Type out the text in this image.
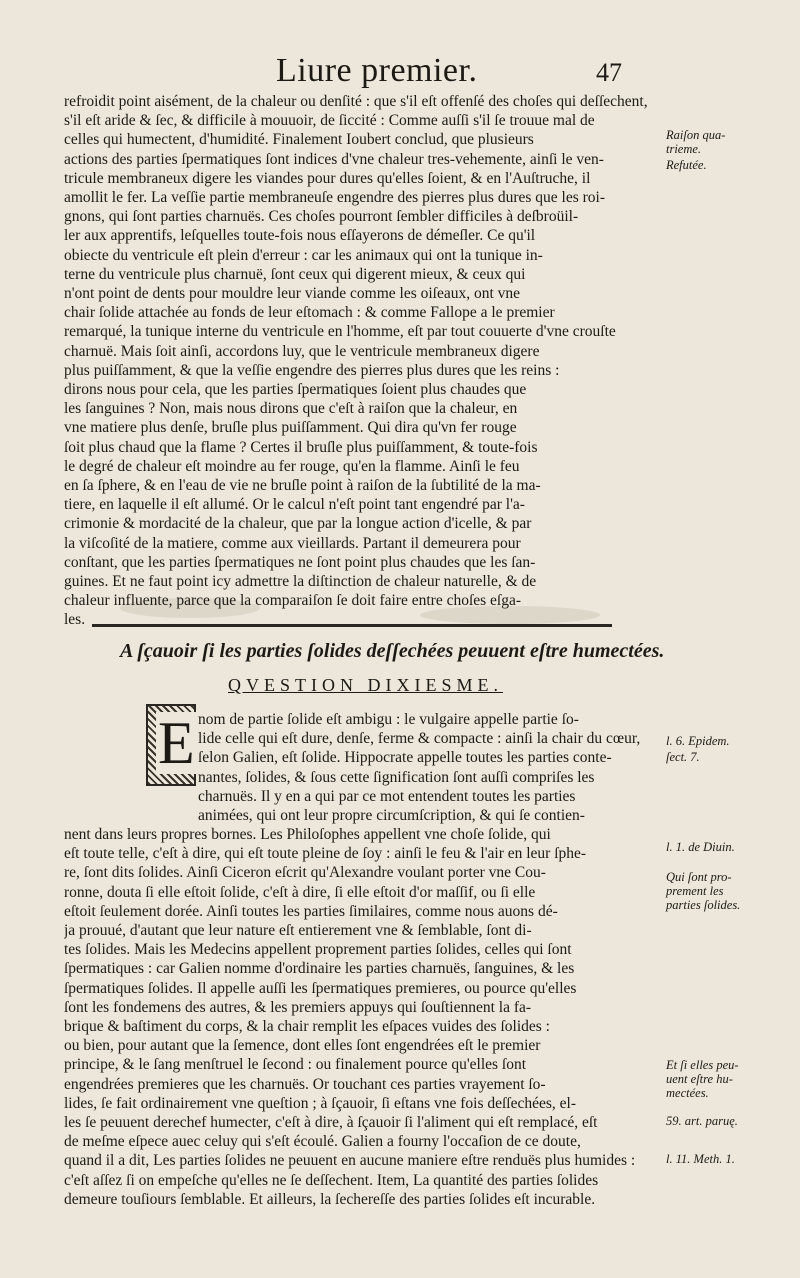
Liure premier.	47
refroidit point aisément, de la chaleur ou denſité : que s'il eſt offenſé des choſes qui deſſechent,
s'il eſt aride & ſec, & difficile à mouuoir, de ſiccité : Comme auſſi s'il ſe trouue mal de
celles qui humectent, d'humidité. Finalement Ioubert conclud, que plusieurs
actions des parties ſpermatiques ſont indices d'vne chaleur tres-vehemente, ainſi le ven-
tricule membraneux digere les viandes pour dures qu'elles ſoient, & en l'Auſtruche, il
amollit le fer. La veſſie partie membraneuſe engendre des pierres plus dures que les roi-
gnons, qui ſont parties charnuës. Ces choſes pourront ſembler difficiles à deſbroüil-
ler aux apprentifs, leſquelles toute-fois nous eſſayerons de démeſler. Ce qu'il
obiecte du ventricule eſt plein d'erreur : car les animaux qui ont la tunique in-
terne du ventricule plus charnuë, ſont ceux qui digerent mieux, & ceux qui
n'ont point de dents pour mouldre leur viande comme les oiſeaux, ont vne
chair ſolide attachée au fonds de leur eſtomach : & comme Fallope a le premier
remarqué, la tunique interne du ventricule en l'homme, eſt par tout couuerte d'vne crouſte
charnuë. Mais ſoit ainſi, accordons luy, que le ventricule membraneux digere
plus puiſſamment, & que la veſſie engendre des pierres plus dures que les reins :
dirons nous pour cela, que les parties ſpermatiques ſoient plus chaudes que
les ſanguines ? Non, mais nous dirons que c'eſt à raiſon que la chaleur, en
vne matiere plus denſe, bruſle plus puiſſamment. Qui dira qu'vn fer rouge
ſoit plus chaud que la flame ? Certes il bruſle plus puiſſamment, & toute-fois
le degré de chaleur eſt moindre au fer rouge, qu'en la flamme. Ainſi le feu
en ſa ſphere, & en l'eau de vie ne bruſle point à raiſon de la ſubtilité de la ma-
tiere, en laquelle il eſt allumé. Or le calcul n'eſt point tant engendré par l'a-
crimonie & mordacité de la chaleur, que par la longue action d'icelle, & par
la viſcoſité de la matiere, comme aux vieillards. Partant il demeurera pour
conſtant, que les parties ſpermatiques ne ſont point plus chaudes que les ſan-
guines. Et ne faut point icy admettre la diſtinction de chaleur naturelle, & de
chaleur influente, parce que la comparaiſon ſe doit faire entre choſes eſga-
les.
A ſçauoir ſi les parties ſolides deſſechées peuuent eſtre humectées.
QVESTION DIXIESME.
E nom de partie ſolide eſt ambigu : le vulgaire appelle partie ſo-
lide celle qui eſt dure, denſe, ferme & compacte : ainſi la chair du cœur,
ſelon Galien, eſt ſolide. Hippocrate appelle toutes les parties conte-
nantes, ſolides, & ſous cette ſignification ſont auſſi compriſes les
charnuës. Il y en a qui par ce mot entendent toutes les parties
animées, qui ont leur propre circumſcription, & qui ſe contien-
nent dans leurs propres bornes. Les Philoſophes appellent vne choſe ſolide, qui
eſt toute telle, c'eſt à dire, qui eſt toute pleine de ſoy : ainſi le feu & l'air en leur ſphe-
re, ſont dits ſolides. Ainſi Ciceron eſcrit qu'Alexandre voulant porter vne Cou-
ronne, douta ſi elle eſtoit ſolide, c'eſt à dire, ſi elle eſtoit d'or maſſif, ou ſi elle
eſtoit ſeulement dorée. Ainſi toutes les parties ſimilaires, comme nous auons dé-
ja prouué, d'autant que leur nature eſt entierement vne & ſemblable, ſont di-
tes ſolides. Mais les Medecins appellent proprement parties ſolides, celles qui ſont
ſpermatiques : car Galien nomme d'ordinaire les parties charnuës, ſanguines, & les
ſpermatiques ſolides. Il appelle auſſi les ſpermatiques premieres, ou pource qu'elles
ſont les fondemens des autres, & les premiers appuys qui ſouſtiennent la fa-
brique & baſtiment du corps, & la chair remplit les eſpaces vuides des ſolides :
ou bien, pour autant que la ſemence, dont elles ſont engendrées eſt le premier
principe, & le ſang menſtruel le ſecond : ou finalement pource qu'elles ſont
engendrées premieres que les charnuës. Or touchant ces parties vrayement ſo-
lides, ſe fait ordinairement vne queſtion ; à ſçauoir, ſi eſtans vne fois deſſechées, el-
les ſe peuuent derechef humecter, c'eſt à dire, à ſçauoir ſi l'aliment qui eſt remplacé, eſt
de meſme eſpece auec celuy qui s'eſt écoulé. Galien a fourny l'occaſion de ce doute,
quand il a dit, Les parties ſolides ne peuuent en aucune maniere eſtre renduës plus humides :
c'eſt aſſez ſi on empeſche qu'elles ne ſe deſſechent. Item, La quantité des parties ſolides
demeure touſiours ſemblable. Et ailleurs, la ſechereſſe des parties ſolides eſt incurable.
Raiſon qua-
trieme.
Refutée.
l. 6. Epidem.
ſect. 7.
l. 1. de Diuin.
Qui ſont pro-
prement les
parties ſolides.
Et ſi elles peu-
uent eſtre hu-
mectées.
59. art. paruę.
l. 11. Meth. 1.
